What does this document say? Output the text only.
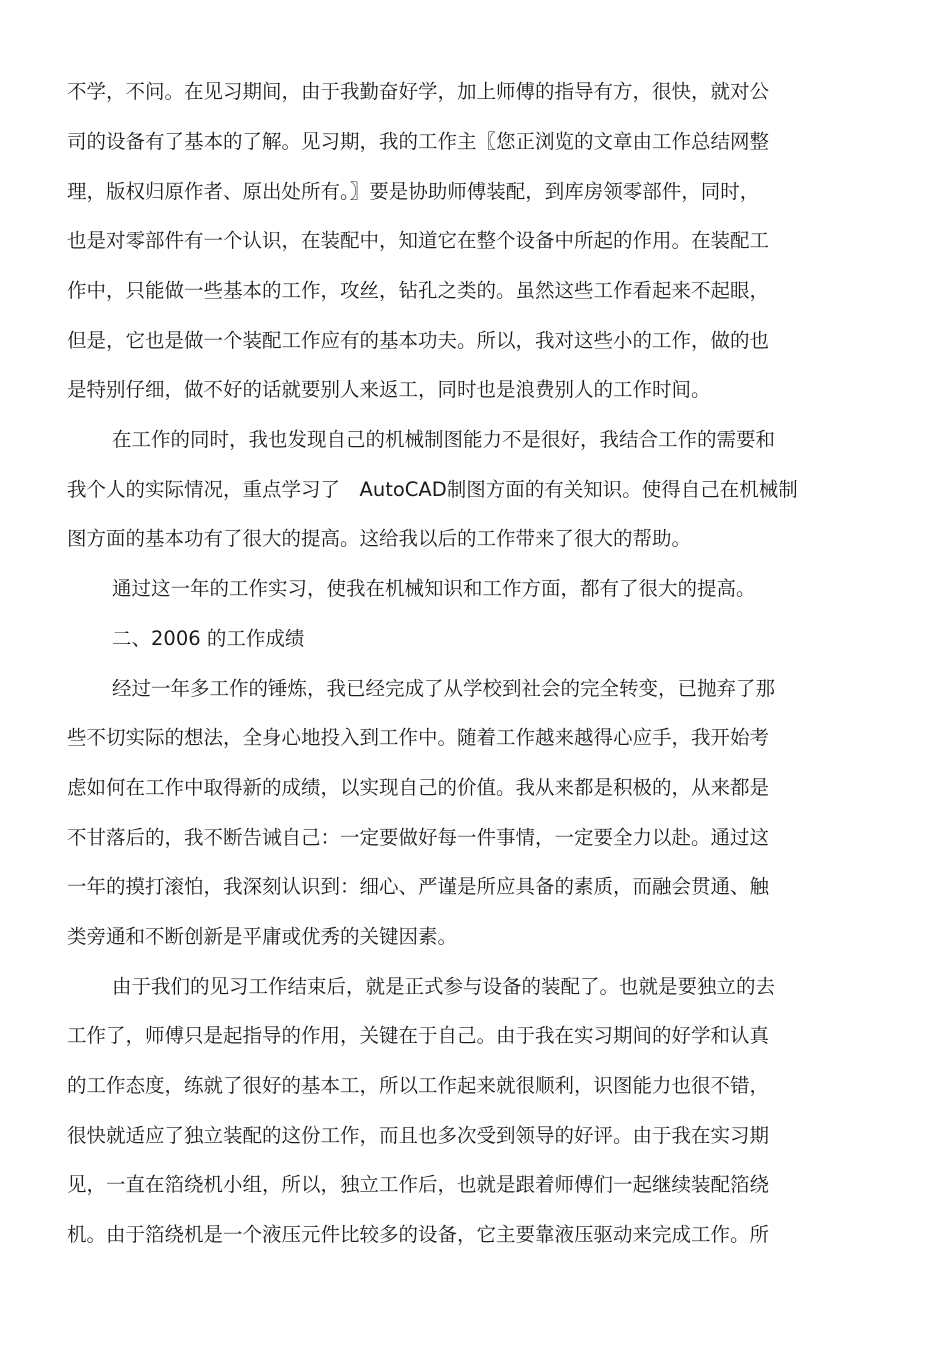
不学，不问。在见习期间，由于我勤奋好学，加上师傅的指导有方，很快，就对公
司的设备有了基本的了解。见习期，我的工作主〖您正浏览的文章由工作总结网整
理，版权归原作者、原出处所有。〗要是协助师傅装配，到库房领零部件，同时，
也是对零部件有一个认识，在装配中，知道它在整个设备中所起的作用。在装配工
作中，只能做一些基本的工作，攻丝，钻孔之类的。虽然这些工作看起来不起眼，
但是，它也是做一个装配工作应有的基本功夫。所以，我对这些小的工作，做的也
是特别仔细，做不好的话就要别人来返工，同时也是浪费别人的工作时间。
在工作的同时，我也发现自己的机械制图能力不是很好，我结合工作的需要和
我个人的实际情况，重点学习了　AutoCAD制图方面的有关知识。使得自己在机械制
图方面的基本功有了很大的提高。这给我以后的工作带来了很大的帮助。
通过这一年的工作实习，使我在机械知识和工作方面，都有了很大的提高。
二、2006 的工作成绩
经过一年多工作的锤炼，我已经完成了从学校到社会的完全转变，已抛弃了那
些不切实际的想法，全身心地投入到工作中。随着工作越来越得心应手，我开始考
虑如何在工作中取得新的成绩，以实现自己的价值。我从来都是积极的，从来都是
不甘落后的，我不断告诫自己：一定要做好每一件事情，一定要全力以赴。通过这
一年的摸打滚怕，我深刻认识到：细心、严谨是所应具备的素质，而融会贯通、触
类旁通和不断创新是平庸或优秀的关键因素。
由于我们的见习工作结束后，就是正式参与设备的装配了。也就是要独立的去
工作了，师傅只是起指导的作用，关键在于自己。由于我在实习期间的好学和认真
的工作态度，练就了很好的基本工，所以工作起来就很顺利，识图能力也很不错，
很快就适应了独立装配的这份工作，而且也多次受到领导的好评。由于我在实习期
见，一直在箔绕机小组，所以，独立工作后，也就是跟着师傅们一起继续装配箔绕
机。由于箔绕机是一个液压元件比较多的设备，它主要靠液压驱动来完成工作。所
